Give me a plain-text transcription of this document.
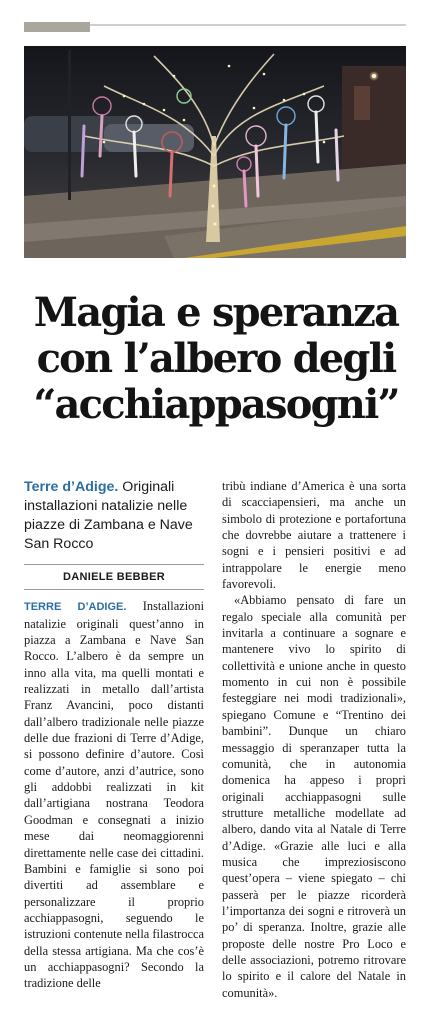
Magia e speranza
con l’albero degli
“acchiappasogni”

Terre d’Adige. Originali installazioni natalizie nelle piazze di Zambana e Nave San Rocco

DANIELE BEBBER

TERRE D’ADIGE. Installazioni natalizie originali quest’anno in piazza a Zambana e Nave San Rocco. L’albero è da sempre un inno alla vita, ma quelli montati e realizzati in metallo dall’artista Franz Avancini, poco distanti dall’albero tradizionale nelle piazze delle due frazioni di Terre d’Adige, si possono definire d’autore. Così come d’autore, anzi d’autrice, sono gli addobbi realizzati in kit dall’artigiana nostrana Teodora Goodman e consegnati a inizio mese dai neomaggiorenni direttamente nelle case dei cittadini. Bambini e famiglie si sono poi divertiti ad assemblare e personalizzare il proprio acchiappasogni, seguendo le istruzioni contenute nella filastrocca della stessa artigiana. Ma che cos’è un acchiappasogni? Secondo la tradizione delle

tribù indiane d’America è una sorta di scacciapensieri, ma anche un simbolo di protezione e portafortuna che dovrebbe aiutare a trattenere i sogni e i pensieri positivi e ad intrappolare le energie meno favorevoli.

«Abbiamo pensato di fare un regalo speciale alla comunità per invitarla a continuare a sognare e mantenere vivo lo spirito di collettività e unione anche in questo momento in cui non è possibile festeggiare nei modi tradizionali», spiegano Comune e “Trentino dei bambini”. Dunque un chiaro messaggio di speranzaper tutta la comunità, che in autonomia domenica ha appeso i propri originali acchiappasogni sulle strutture metalliche modellate ad albero, dando vita al Natale di Terre d’Adige. «Grazie alle luci e alla musica che impreziosiscono quest’opera – viene spiegato – chi passerà per le piazze ricorderà l’importanza dei sogni e ritroverà un po’ di speranza. Inoltre, grazie alle proposte delle nostre Pro Loco e delle associazioni, potremo ritrovare lo spirito e il calore del Natale in comunità».
